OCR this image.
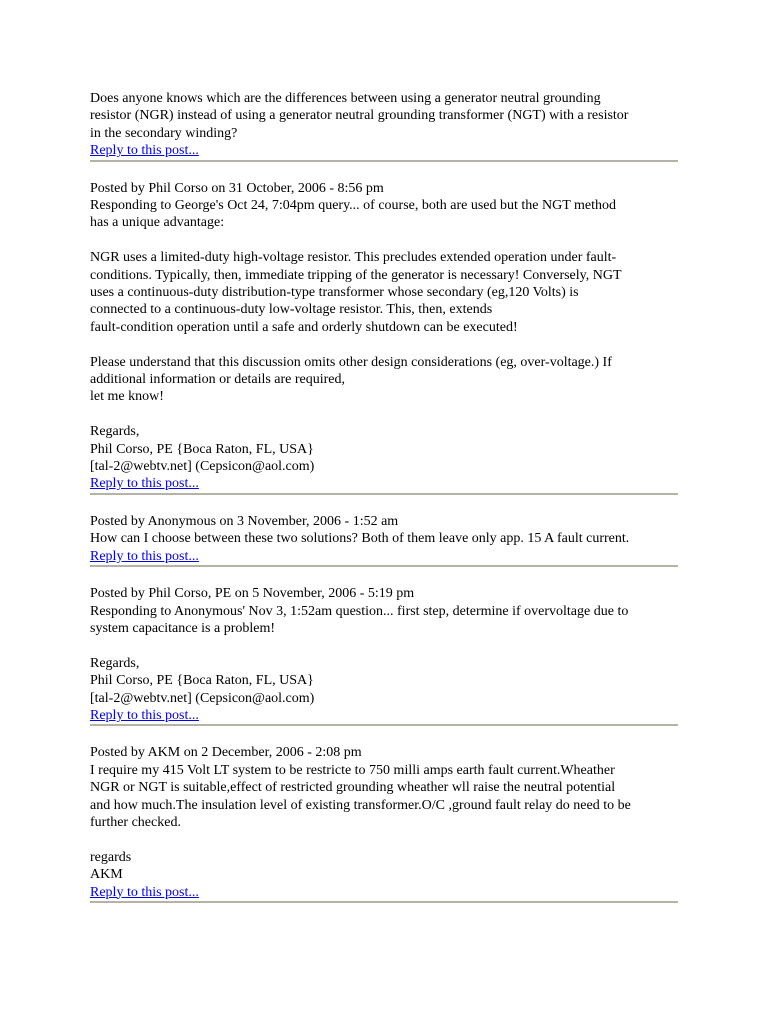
Does anyone knows which are the differences between using a generator neutral grounding
resistor (NGR) instead of using a generator neutral grounding transformer (NGT) with a resistor
in the secondary winding?
Reply to this post...
Posted by Phil Corso on 31 October, 2006 - 8:56 pm
Responding to George's Oct 24, 7:04pm query... of course, both are used but the NGT method
has a unique advantage:
NGR uses a limited-duty high-voltage resistor. This precludes extended operation under fault-
conditions. Typically, then, immediate tripping of the generator is necessary! Conversely, NGT
uses a continuous-duty distribution-type transformer whose secondary (eg,120 Volts) is
connected to a continuous-duty low-voltage resistor. This, then, extends
fault-condition operation until a safe and orderly shutdown can be executed!
Please understand that this discussion omits other design considerations (eg, over-voltage.) If
additional information or details are required,
let me know!
Regards,
Phil Corso, PE {Boca Raton, FL, USA}
[tal-2@webtv.net] (Cepsicon@aol.com)
Reply to this post...
Posted by Anonymous on 3 November, 2006 - 1:52 am
How can I choose between these two solutions? Both of them leave only app. 15 A fault current.
Reply to this post...
Posted by Phil Corso, PE on 5 November, 2006 - 5:19 pm
Responding to Anonymous' Nov 3, 1:52am question... first step, determine if overvoltage due to
system capacitance is a problem!
Regards,
Phil Corso, PE {Boca Raton, FL, USA}
[tal-2@webtv.net] (Cepsicon@aol.com)
Reply to this post...
Posted by AKM on 2 December, 2006 - 2:08 pm
I require my 415 Volt LT system to be restricte to 750 milli amps earth fault current.Wheather
NGR or NGT is suitable,effect of restricted grounding wheather wll raise the neutral potential
and how much.The insulation level of existing transformer.O/C ,ground fault relay do need to be
further checked.
regards
AKM
Reply to this post...
